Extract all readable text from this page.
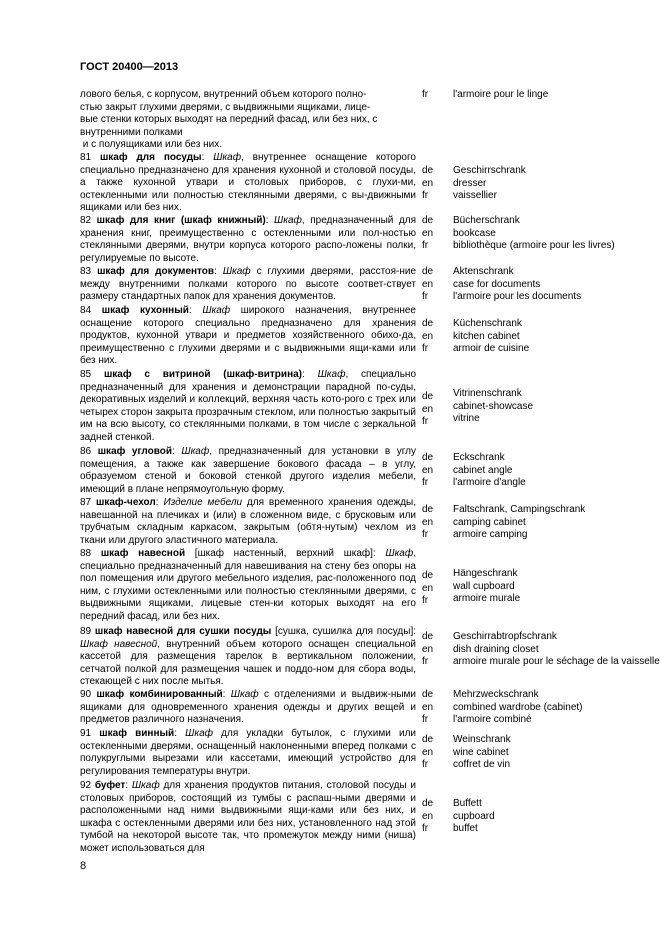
ГОСТ 20400—2013
лового белья, с корпусом, внутренний объем которого полно-
стью закрыт глухими дверями, с выдвижными ящиками, лице-
вые стенки которых выходят на передний фасад, или без них, с
внутренними полками
и с полуящиками или без них.
fr	l'armoire pour le linge
81 шкаф для посуды: Шкаф, внутреннее оснащение которого специально предназначено для хранения кухонной и столовой посуды, а также кухонной утвари и столовых приборов, с глухи-ми, остекленными или полностью стеклянными дверями, с вы-движными ящиками или без них.
de
en
fr
Geschirrschrank
dresser
vaissellier
82 шкаф для книг (шкаф книжный): Шкаф, предназначенный для хранения книг, преимущественно с остекленными или пол-ностью стеклянными дверями, внутри корпуса которого распо-ложены полки, регулируемые по высоте.
de
en
fr
Bücherschrank
bookcase
bibliothèque (armoire pour les livres)
83 шкаф для документов: Шкаф с глухими дверями, расстоя-ние между внутренними полками которого по высоте соответ-ствует размеру стандартных папок для хранения документов.
de
en
fr
Aktenschrank
case for documents
l'armoire pour les documents
84 шкаф кухонный: Шкаф широкого назначения, внутреннее оснащение которого специально предназначено для хранения продуктов, кухонной утвари и предметов хозяйственного обихо-да, преимущественно с глухими дверями и с выдвижными ящи-ками или без них.
de
en
fr
Küchenschrank
kitchen cabinet
armoir de cuisine
85 шкаф с витриной (шкаф-витрина): Шкаф, специально предназначенный для хранения и демонстрации парадной по-суды, декоративных изделий и коллекций, верхняя часть кото-рого с трех или четырех сторон закрыта прозрачным стеклом, или полностью закрытый им на всю высоту, со стеклянными полками, в том числе с зеркальной задней стенкой.
de
en
fr
Vitrinenschrank
cabinet-showcase
vitrine
86 шкаф угловой: Шкаф, предназначенный для установки в углу помещения, а также как завершение бокового фасада – в углу, образуемом стеной и боковой стенкой другого изделия мебели, имеющий в плане непрямоугольную форму.
de
en
fr
Eckschrank
cabinet angle
l'armoire d'angle
87 шкаф-чехол: Изделие мебели для временного хранения одежды, навешанной на плечиках и (или) в сложенном виде, с брусковым или трубчатым складным каркасом, закрытым (обтя-нутым) чехлом из ткани или другого эластичного материала.
de
en
fr
Faltschrank, Campingschrank
camping cabinet
armoire camping
88 шкаф навесной [шкаф настенный, верхний шкаф]: Шкаф, специально предназначенный для навешивания на стену без опоры на пол помещения или другого мебельного изделия, рас-положенного под ним, с глухими остекленными или полностью стеклянными дверями, с выдвижными ящиками, лицевые стен-ки которых выходят на его передний фасад, или без них.
de
en
fr
Hängeschrank
wall cupboard
armoire murale
89 шкаф навесной для сушки посуды [сушка, сушилка для посуды]: Шкаф навесной, внутренний объем которого оснащен специальной кассетой для размещения тарелок в вертикальном положении, сетчатой полкой для размещения чашек и поддо-ном для сбора воды, стекающей с них после мытья.
de
en
fr
Geschirrabtropfschrank
dish draining closet
armoire murale pour le séchage de la vaisselle
90 шкаф комбинированный: Шкаф с отделениями и выдвиж-ными ящиками для одновременного хранения одежды и других вещей и предметов различного назначения.
de
en
fr
Mehrzweckschrank
combined wardrobe (cabinet)
l'armoire combiné
91 шкаф винный: Шкаф для укладки бутылок, с глухими или остекленными дверями, оснащенный наклоненными вперед полками с полукруглыми вырезами или кассетами, имеющий устройство для регулирования температуры внутри.
de
en
fr
Weinschrank
wine cabinet
coffret de vin
92 буфет: Шкаф для хранения продуктов питания, столовой посуды и столовых приборов, состоящий из тумбы с распаш-ными дверями и расположенными над ними выдвижными ящи-ками или без них, и шкафа с остекленными дверями или без них, установленного над этой тумбой на некоторой высоте так, что промежуток между ними (ниша) может использоваться для
de
en
fr
Buffett
cupboard
buffet
8
